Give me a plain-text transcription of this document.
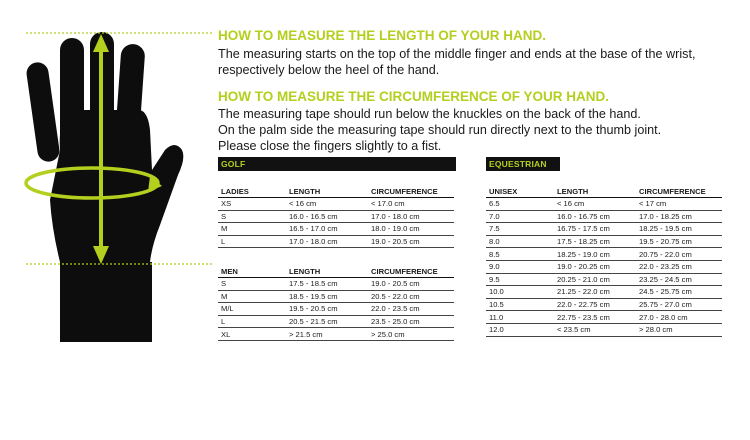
HOW TO MEASURE THE LENGTH OF YOUR HAND.
The measuring starts on the top of the middle finger and ends at the base of the wrist,
respectively below the heel of the hand.
HOW TO MEASURE THE CIRCUMFERENCE OF YOUR HAND.
The measuring tape should run below the knuckles on the back of the hand.
On the palm side the measuring tape should run directly next to the thumb joint.
Please close the fingers slightly to a fist.
GOLF	EQUESTRIAN
LADIES	LENGTH	CIRCUMFERENCE
XS	< 16 cm	< 17.0 cm
S	16.0 - 16.5 cm	17.0 - 18.0 cm
M	16.5 - 17.0 cm	18.0 - 19.0 cm
L	17.0 - 18.0 cm	19.0 - 20.5 cm
MEN	LENGTH	CIRCUMFERENCE
S	17.5 - 18.5 cm	19.0 - 20.5 cm
M	18.5 - 19.5 cm	20.5 - 22.0 cm
M/L	19.5 - 20.5 cm	22.0 - 23.5 cm
L	20.5 - 21.5 cm	23.5 - 25.0 cm
XL	> 21.5 cm	> 25.0 cm
UNISEX	LENGTH	CIRCUMFERENCE
6.5	< 16 cm	< 17 cm
7.0	16.0 - 16.75 cm	17.0 - 18.25 cm
7.5	16.75 - 17.5 cm	18.25 - 19.5 cm
8.0	17.5 - 18.25 cm	19.5 - 20.75 cm
8.5	18.25 - 19.0 cm	20.75 - 22.0 cm
9.0	19.0 - 20.25 cm	22.0 - 23.25 cm
9.5	20.25 - 21.0 cm	23.25 - 24.5 cm
10.0	21.25 - 22.0 cm	24.5 - 25.75 cm
10.5	22.0 - 22.75 cm	25.75 - 27.0 cm
11.0	22.75 - 23.5 cm	27.0 - 28.0 cm
12.0	< 23.5 cm	> 28.0 cm
